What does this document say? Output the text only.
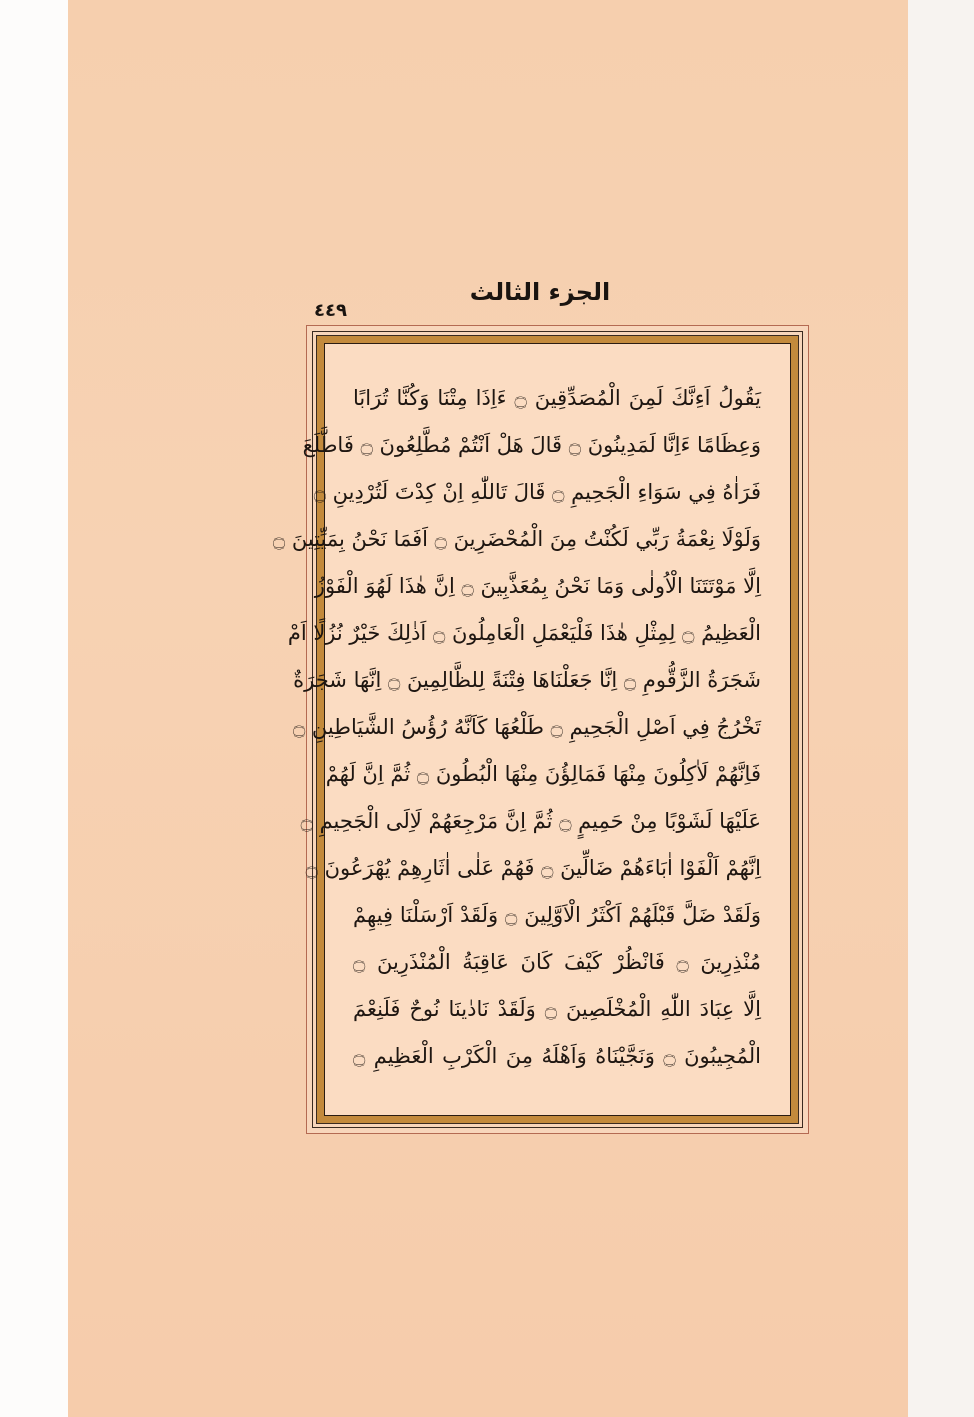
الجزء الثالث
٤٤٩
يَقُولُ اَءِنَّكَ لَمِنَ الْمُصَدِّقِينَ ۝ ءَاِذَا مِتْنَا وَكُنَّا تُرَابًا
وَعِظَامًا ءَاِنَّا لَمَدِينُونَ ۝ قَالَ هَلْ اَنْتُمْ مُطَّلِعُونَ ۝ فَاطَّلَعَ
فَرَاٰهُ فِي سَوَاءِ الْجَحِيمِ ۝ قَالَ تَاللّٰهِ اِنْ كِدْتَ لَتُرْدِينِ ۝
وَلَوْلَا نِعْمَةُ رَبِّي لَكُنْتُ مِنَ الْمُحْضَرِينَ ۝ اَفَمَا نَحْنُ بِمَيِّتِينَ ۝
اِلَّا مَوْتَتَنَا الْاُولٰى وَمَا نَحْنُ بِمُعَذَّبِينَ ۝ اِنَّ هٰذَا لَهُوَ الْفَوْزُ
الْعَظِيمُ ۝ لِمِثْلِ هٰذَا فَلْيَعْمَلِ الْعَامِلُونَ ۝ اَذٰلِكَ خَيْرٌ نُزُلًا اَمْ
شَجَرَةُ الزَّقُّومِ ۝ اِنَّا جَعَلْنَاهَا فِتْنَةً لِلظَّالِمِينَ ۝ اِنَّهَا شَجَرَةٌ
تَخْرُجُ فِي اَصْلِ الْجَحِيمِ ۝ طَلْعُهَا كَاَنَّهُ رُؤُسُ الشَّيَاطِينِ ۝
فَاِنَّهُمْ لَاٰكِلُونَ مِنْهَا فَمَالِؤُنَ مِنْهَا الْبُطُونَ ۝ ثُمَّ اِنَّ لَهُمْ
عَلَيْهَا لَشَوْبًا مِنْ حَمِيمٍ ۝ ثُمَّ اِنَّ مَرْجِعَهُمْ لَاِلَى الْجَحِيمِ ۝
اِنَّهُمْ اَلْفَوْا اٰبَاءَهُمْ ضَالِّينَ ۝ فَهُمْ عَلٰى اٰثَارِهِمْ يُهْرَعُونَ ۝
وَلَقَدْ ضَلَّ قَبْلَهُمْ اَكْثَرُ الْاَوَّلِينَ ۝ وَلَقَدْ اَرْسَلْنَا فِيهِمْ
مُنْذِرِينَ ۝ فَانْظُرْ كَيْفَ كَانَ عَاقِبَةُ الْمُنْذَرِينَ ۝
اِلَّا عِبَادَ اللّٰهِ الْمُخْلَصِينَ ۝ وَلَقَدْ نَادٰينَا نُوحٌ فَلَنِعْمَ
الْمُجِيبُونَ ۝ وَنَجَّيْنَاهُ وَاَهْلَهُ مِنَ الْكَرْبِ الْعَظِيمِ ۝
